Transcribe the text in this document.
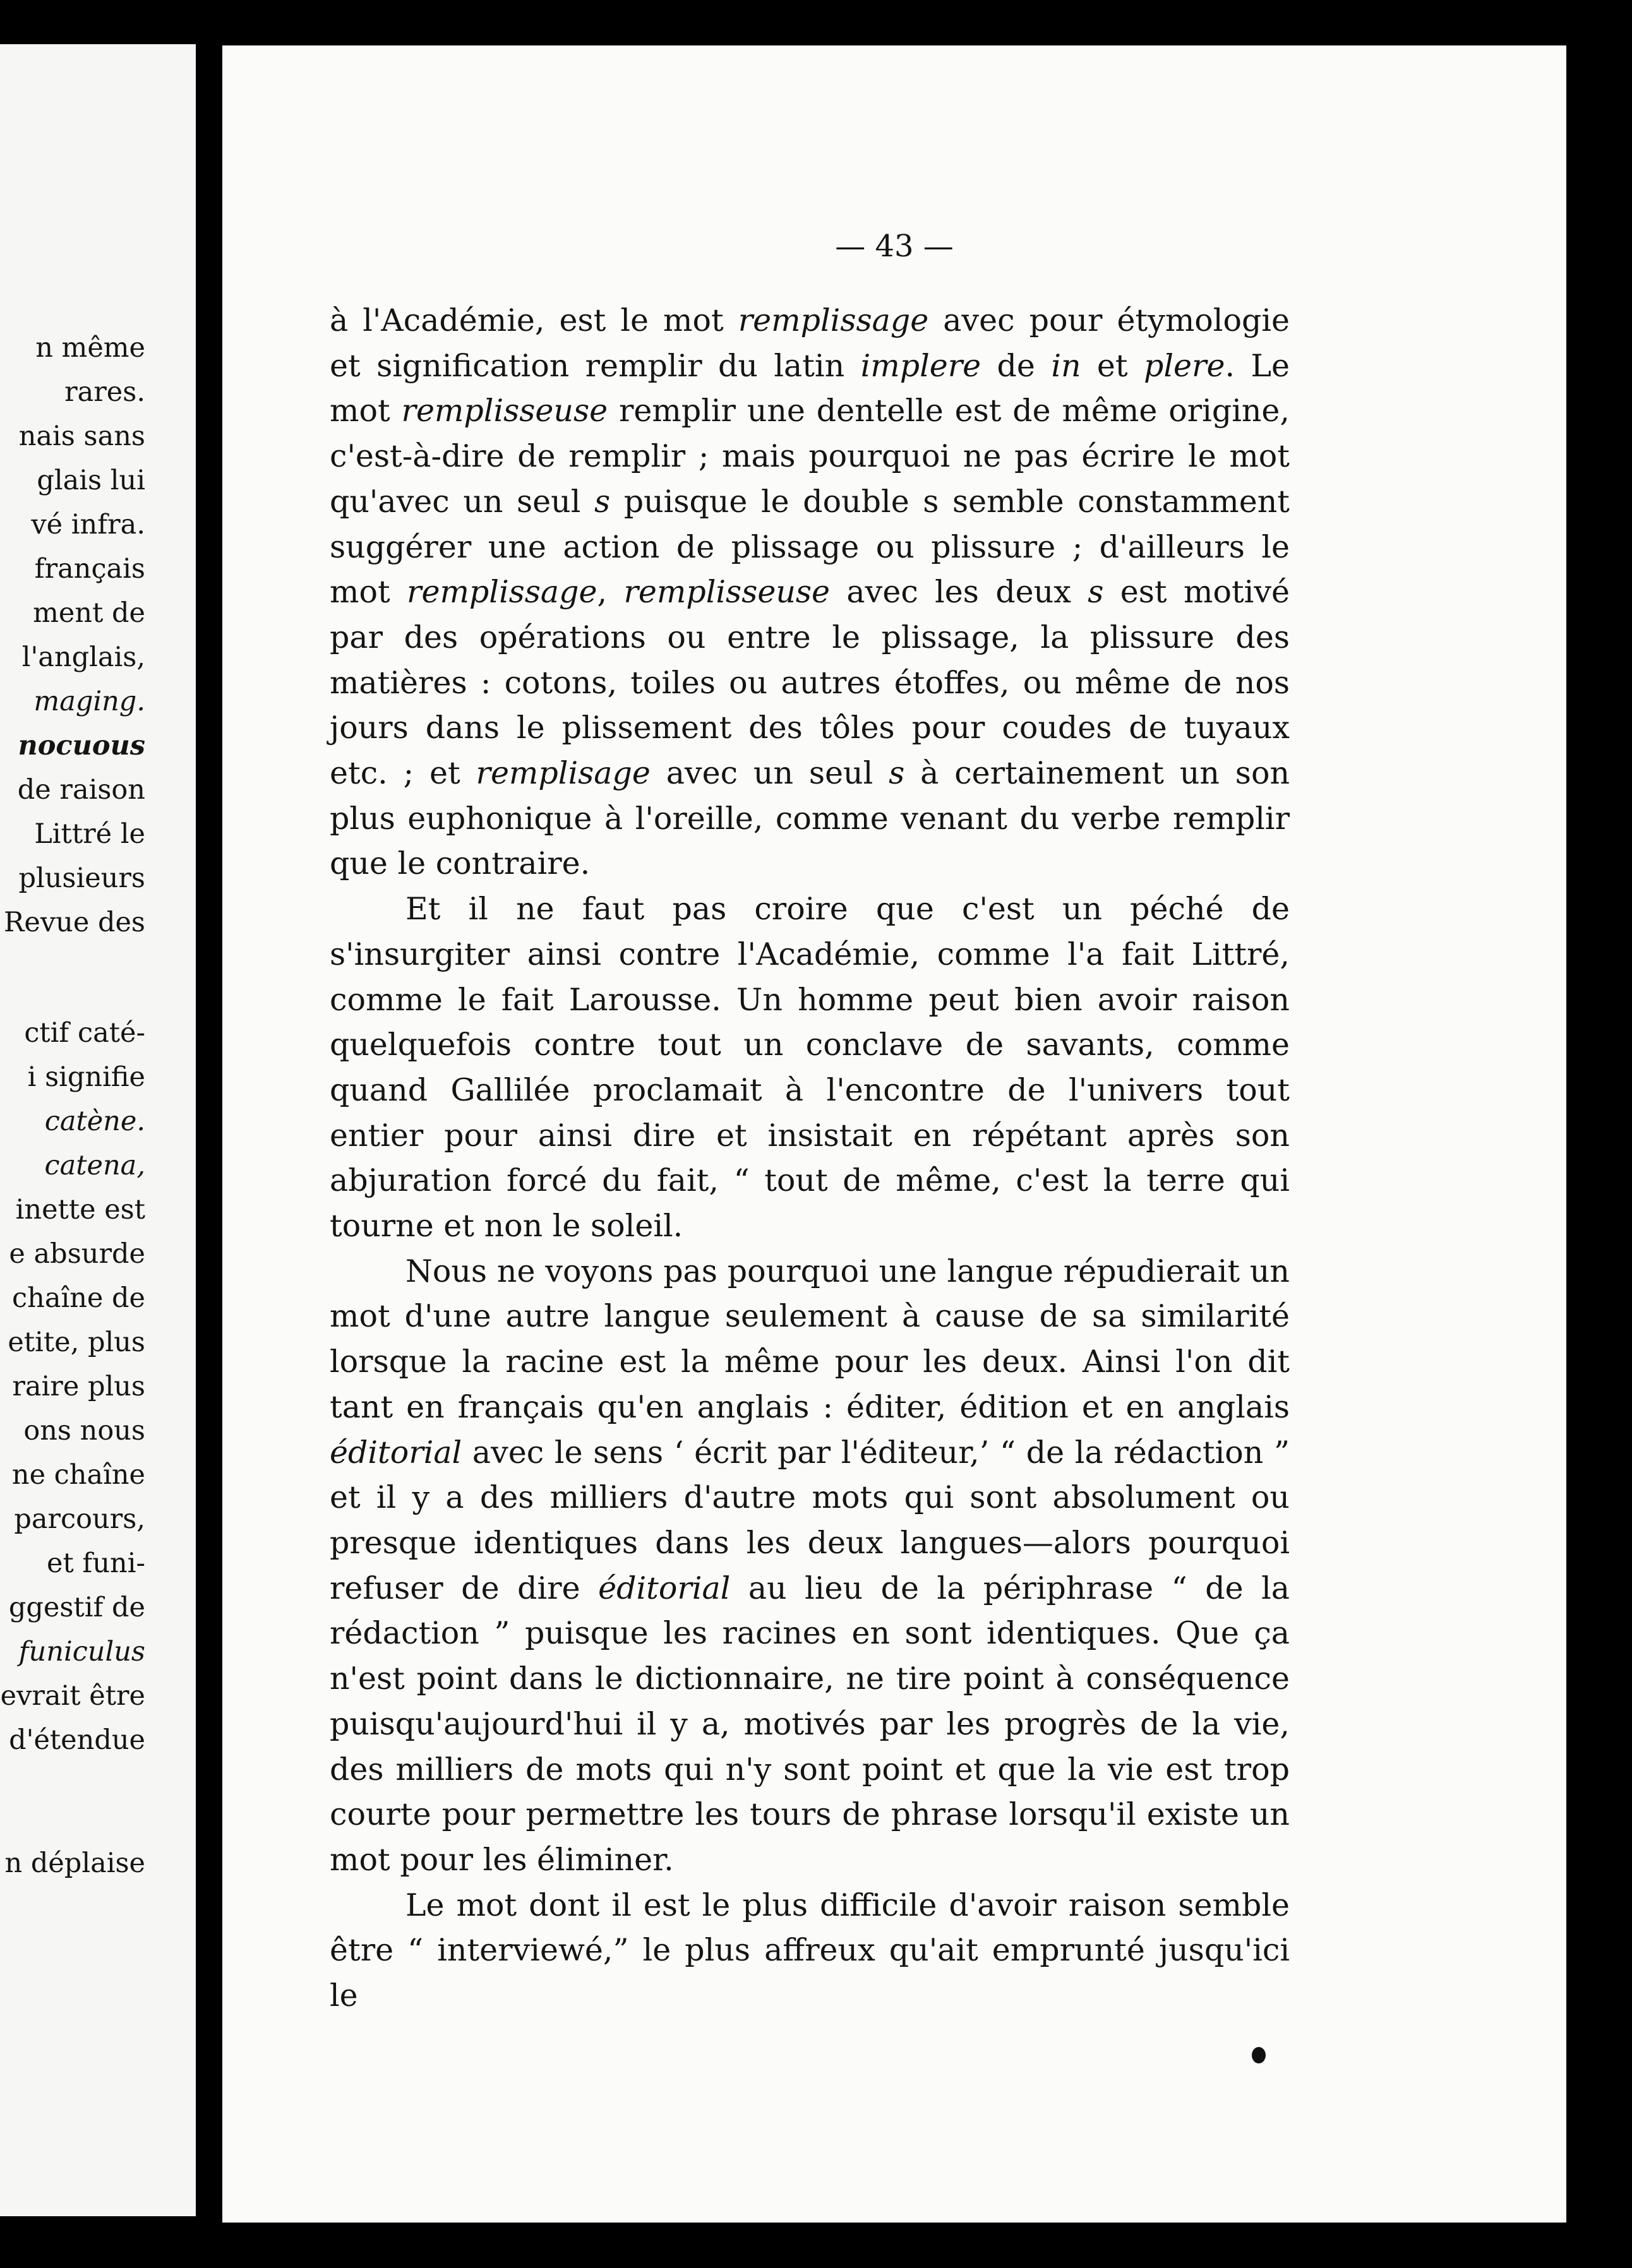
n même
rares.
nais sans
glais lui
vé infra.
français
ment de
l'anglais,
maging.
nocuous
de raison
Littré le
plusieurs
Revue des
ctif caté-
i signifie
catène.
catena,
inette est
e absurde
chaîne de
etite, plus
raire plus
ons nous
ne chaîne
parcours,
et funi-
ggestif de
funiculus
evrait être
d'étendue
n déplaise
— 43 —

à l'Académie, est le mot remplissage avec pour étymologie et signification remplir du latin implere de in et plere. Le mot remplisseuse remplir une dentelle est de même origine, c'est-à-dire de remplir ; mais pourquoi ne pas écrire le mot qu'avec un seul s puisque le double s semble constamment suggérer une action de plissage ou plissure ; d'ailleurs le mot remplissage, remplisseuse avec les deux s est motivé par des opérations ou entre le plissage, la plissure des matières : cotons, toiles ou autres étoffes, ou même de nos jours dans le plissement des tôles pour coudes de tuyaux etc. ; et remplisage avec un seul s à certainement un son plus euphonique à l'oreille, comme venant du verbe remplir que le contraire.

Et il ne faut pas croire que c'est un péché de s'insurgiter ainsi contre l'Académie, comme l'a fait Littré, comme le fait Larousse. Un homme peut bien avoir raison quelquefois contre tout un conclave de savants, comme quand Gallilée proclamait à l'encontre de l'univers tout entier pour ainsi dire et insistait en répétant après son abjuration forcé du fait, “ tout de même, c'est la terre qui tourne et non le soleil.

Nous ne voyons pas pourquoi une langue répudierait un mot d'une autre langue seulement à cause de sa similarité lorsque la racine est la même pour les deux. Ainsi l'on dit tant en français qu'en anglais : éditer, édition et en anglais éditorial avec le sens ‘ écrit par l'éditeur,’ “ de la rédaction ” et il y a des milliers d'autre mots qui sont absolument ou presque identiques dans les deux langues—alors pourquoi refuser de dire éditorial au lieu de la périphrase “ de la rédaction ” puisque les racines en sont identiques. Que ça n'est point dans le dictionnaire, ne tire point à conséquence puisqu'aujourd'hui il y a, motivés par les progrès de la vie, des milliers de mots qui n'y sont point et que la vie est trop courte pour permettre les tours de phrase lorsqu'il existe un mot pour les éliminer.

Le mot dont il est le plus difficile d'avoir raison semble être “ interviewé,” le plus affreux qu'ait emprunté jusqu'ici le
